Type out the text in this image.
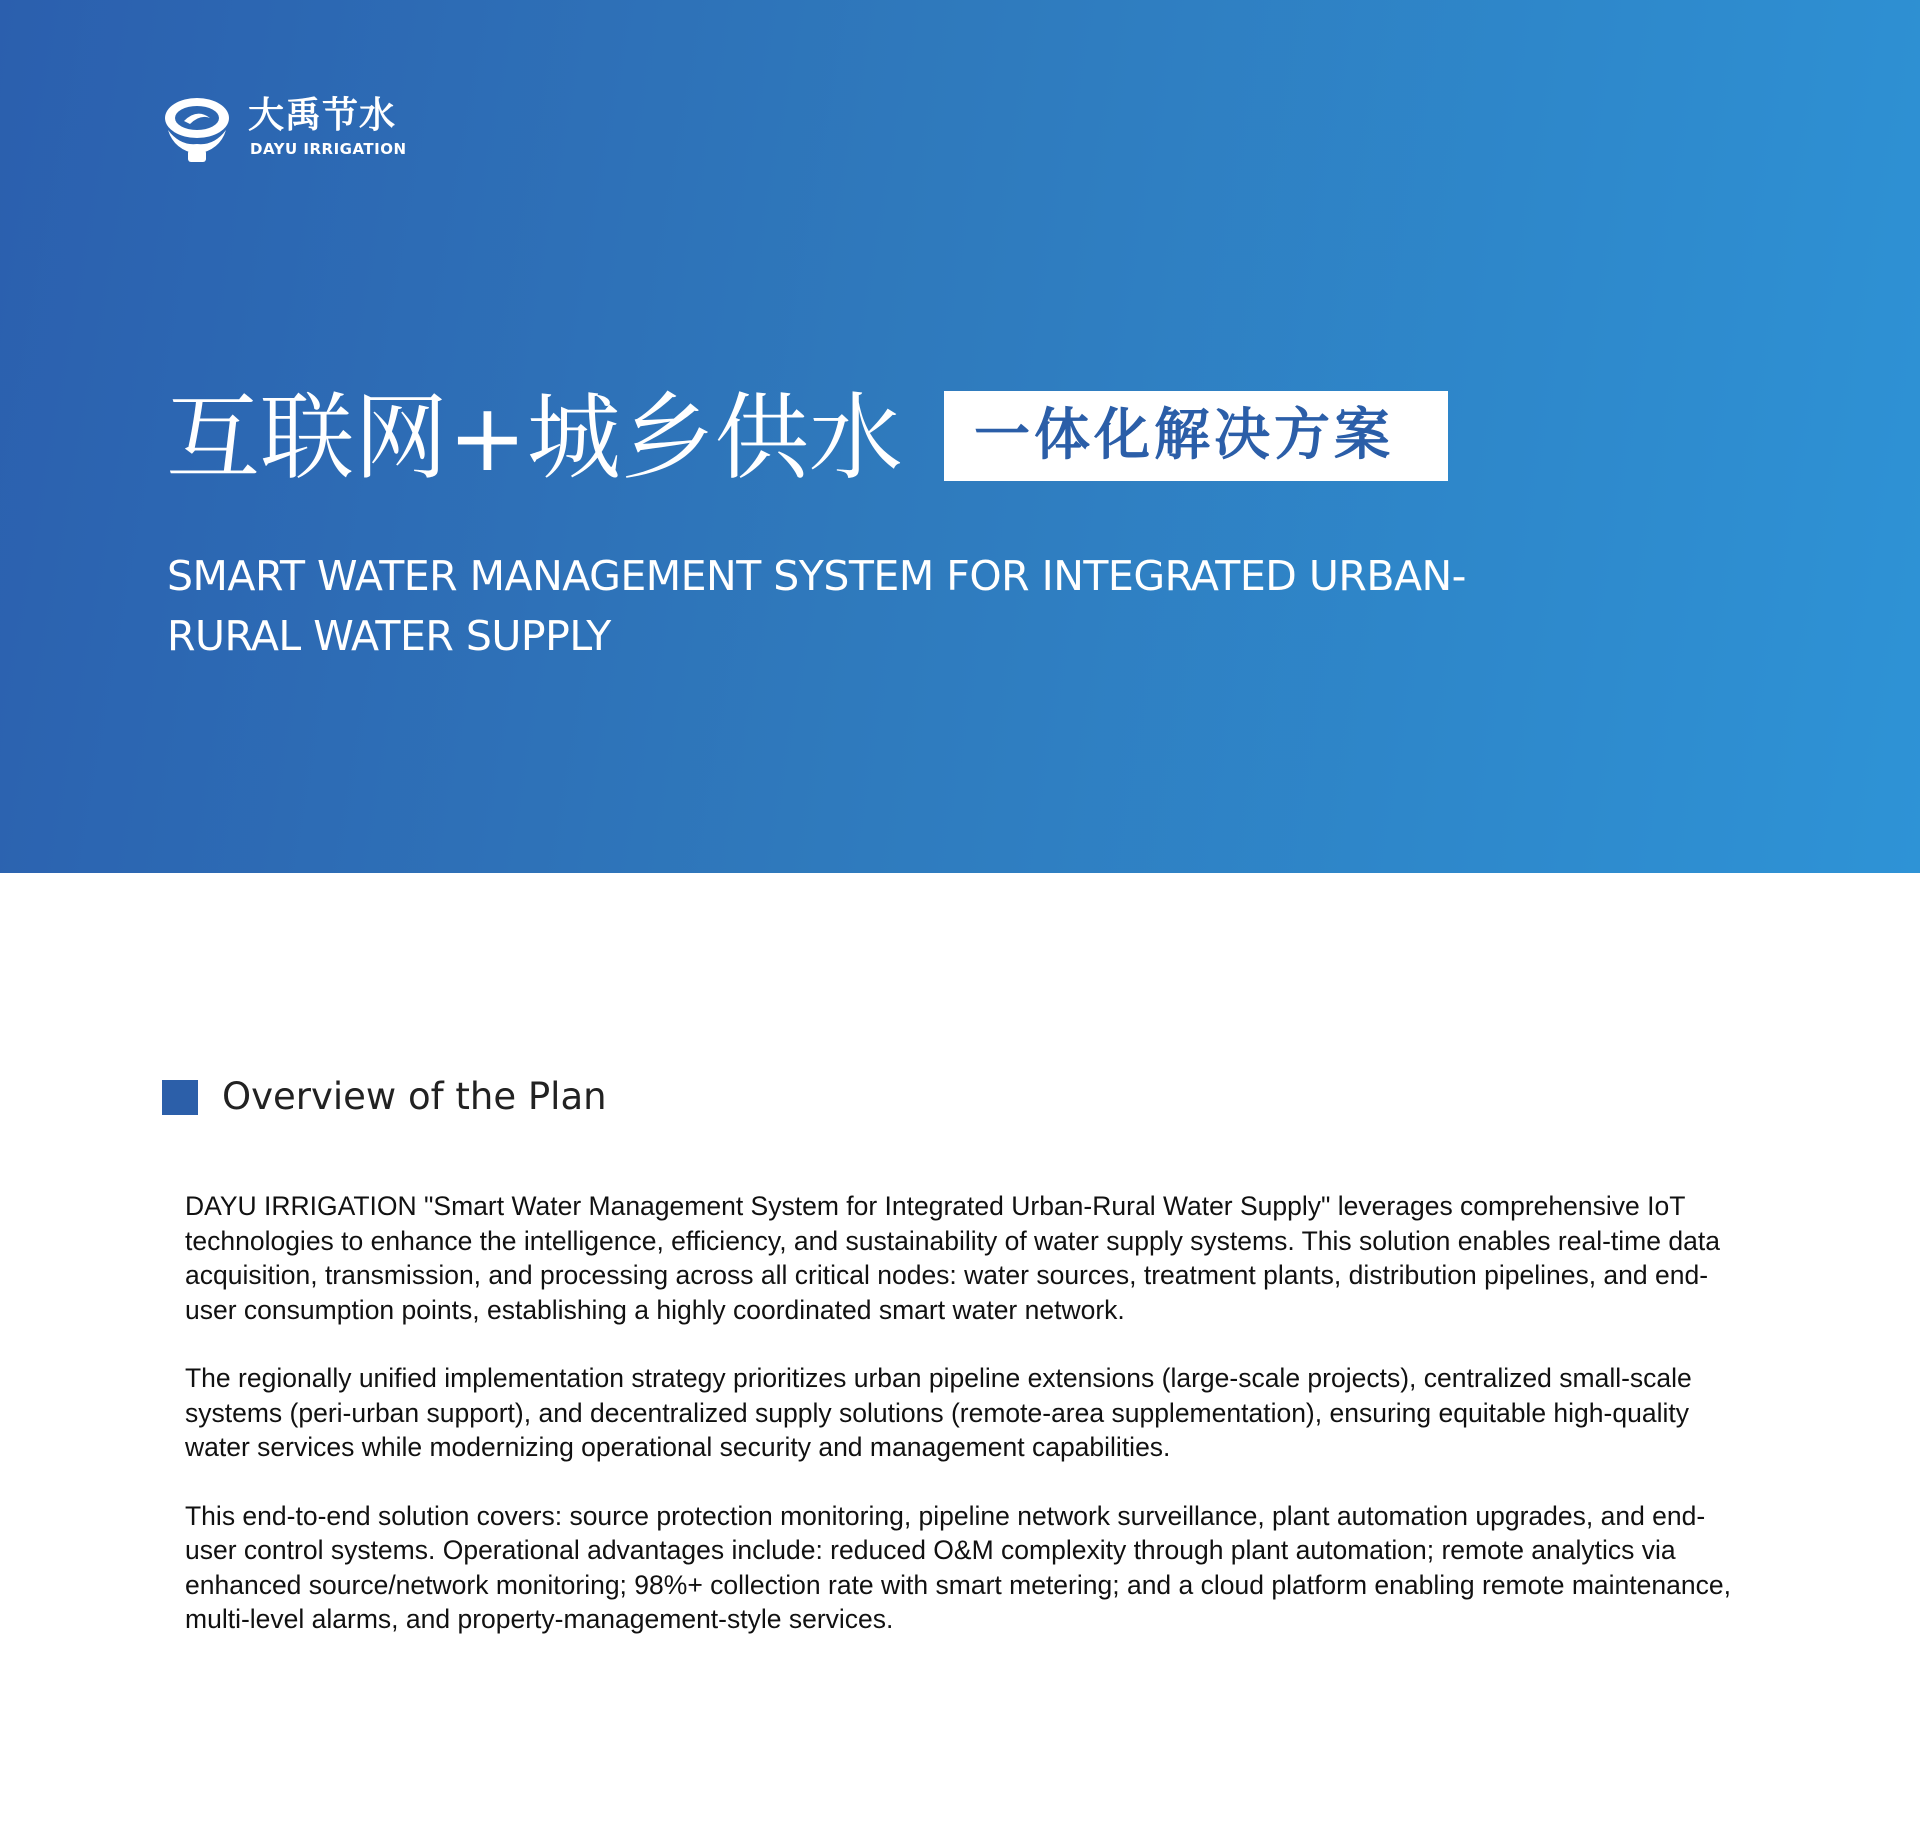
大禹节水
DAYU IRRIGATION
互联网+城乡供水	一体化解决方案
SMART WATER MANAGEMENT SYSTEM FOR INTEGRATED URBAN-
RURAL WATER SUPPLY
Overview of the Plan

DAYU IRRIGATION "Smart Water Management System for Integrated Urban-Rural Water Supply" leverages comprehensive IoT technologies to enhance the intelligence, efficiency, and sustainability of water supply systems. This solution enables real-time data acquisition, transmission, and processing across all critical nodes: water sources, treatment plants, distribution pipelines, and end-user consumption points, establishing a highly coordinated smart water network.

The regionally unified implementation strategy prioritizes urban pipeline extensions (large-scale projects), centralized small-scale systems (peri-urban support), and decentralized supply solutions (remote-area supplementation), ensuring equitable high-quality water services while modernizing operational security and management capabilities.

This end-to-end solution covers: source protection monitoring, pipeline network surveillance, plant automation upgrades, and end-user control systems. Operational advantages include: reduced O&M complexity through plant automation; remote analytics via enhanced source/network monitoring; 98%+ collection rate with smart metering; and a cloud platform enabling remote maintenance, multi-level alarms, and property-management-style services.
